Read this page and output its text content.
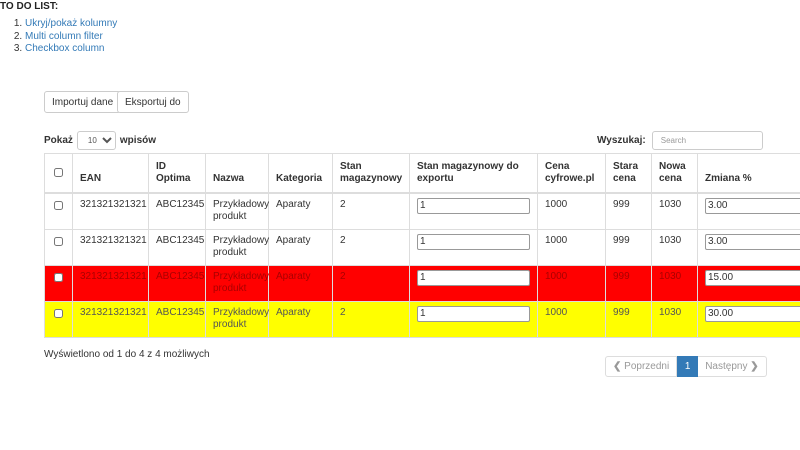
TO DO LIST:
1. Ukryj/pokaż kolumny
2. Multi column filter
3. Checkbox column
Importuj dane	Eksportuj do
Pokaż
10	wpisów	Wyszukaj:
Search
	EAN	ID Optima	Nazwa	Kategoria	Stan magazynowy	Stan magazynowy do exportu	Cena cyfrowe.pl	Stara cena	Nowa cena	Zmiana %
	321321321321	ABC12345	Przykładowy produkt	Aparaty	2	1	1000	999	1030	3.00
	321321321321	ABC12345	Przykładowy produkt	Aparaty	2	1	1000	999	1030	3.00
	321321321321	ABC12345	Przykładowy produkt	Aparaty	2	1	1000	999	1030	15.00
	321321321321	ABC12345	Przykładowy produkt	Aparaty	2	1	1000	999	1030	30.00
Wyświetlono od 1 do 4 z 4 możliwych
❮ Poprzedni	1	Następny ❯
